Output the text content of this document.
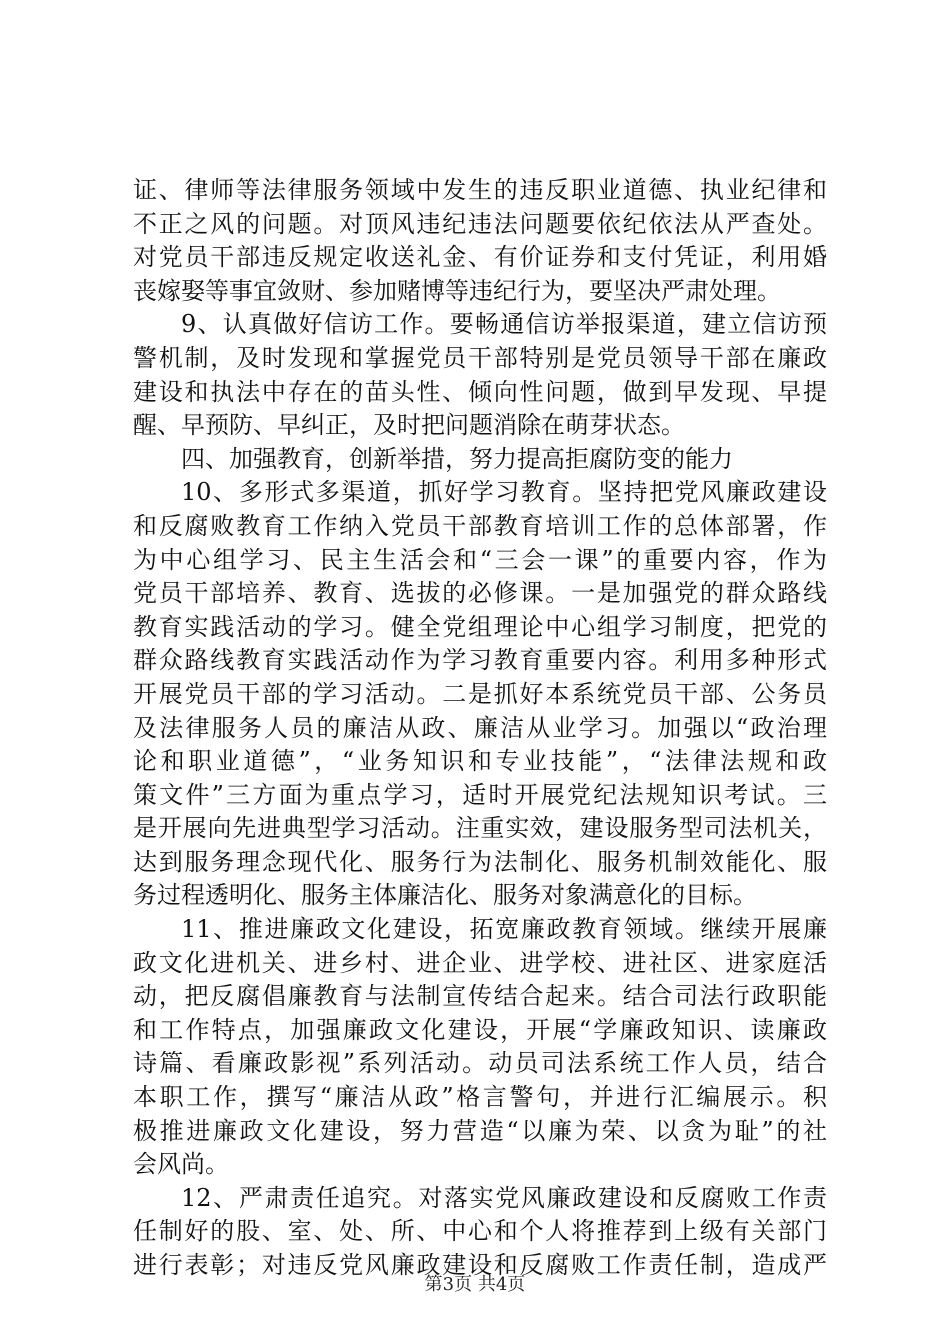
证、律师等法律服务领域中发生的违反职业道德、执业纪律和
不正之风的问题。对顶风违纪违法问题要依纪依法从严查处。
对党员干部违反规定收送礼金、有价证券和支付凭证，利用婚
丧嫁娶等事宜敛财、参加赌博等违纪行为，要坚决严肃处理。
9、认真做好信访工作。要畅通信访举报渠道，建立信访预
警机制，及时发现和掌握党员干部特别是党员领导干部在廉政
建设和执法中存在的苗头性、倾向性问题，做到早发现、早提
醒、早预防、早纠正，及时把问题消除在萌芽状态。
四、加强教育，创新举措，努力提高拒腐防变的能力
10、多形式多渠道，抓好学习教育。坚持把党风廉政建设
和反腐败教育工作纳入党员干部教育培训工作的总体部署，作
为中心组学习、民主生活会和“三会一课”的重要内容，作为
党员干部培养、教育、选拔的必修课。一是加强党的群众路线
教育实践活动的学习。健全党组理论中心组学习制度，把党的
群众路线教育实践活动作为学习教育重要内容。利用多种形式
开展党员干部的学习活动。二是抓好本系统党员干部、公务员
及法律服务人员的廉洁从政、廉洁从业学习。加强以“政治理
论和职业道德”，“业务知识和专业技能”，“法律法规和政
策文件”三方面为重点学习，适时开展党纪法规知识考试。三
是开展向先进典型学习活动。注重实效，建设服务型司法机关，
达到服务理念现代化、服务行为法制化、服务机制效能化、服
务过程透明化、服务主体廉洁化、服务对象满意化的目标。
11、推进廉政文化建设，拓宽廉政教育领域。继续开展廉
政文化进机关、进乡村、进企业、进学校、进社区、进家庭活
动，把反腐倡廉教育与法制宣传结合起来。结合司法行政职能
和工作特点，加强廉政文化建设，开展“学廉政知识、读廉政
诗篇、看廉政影视”系列活动。动员司法系统工作人员，结合
本职工作，撰写“廉洁从政”格言警句，并进行汇编展示。积
极推进廉政文化建设，努力营造“以廉为荣、以贪为耻”的社
会风尚。
12、严肃责任追究。对落实党风廉政建设和反腐败工作责
任制好的股、室、处、所、中心和个人将推荐到上级有关部门
进行表彰；对违反党风廉政建设和反腐败工作责任制，造成严
第3页 共4页
